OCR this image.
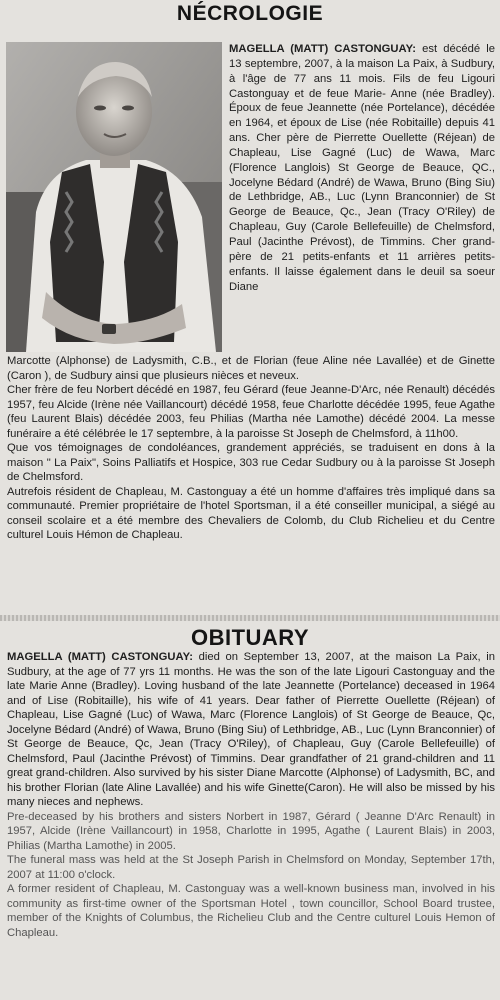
NÉCROLOGIE

MAGELLA (MATT) CASTONGUAY: est décédé le 13 septembre, 2007, à la maison La Paix, à Sudbury, à l'âge de 77 ans 11 mois. Fils de feu Ligouri Castonguay et de feue Marie- Anne (née Bradley). Époux de feue Jeannette (née Portelance), décédée en 1964, et époux de Lise (née Robitaille) depuis 41 ans. Cher père de Pierrette Ouellette (Réjean) de Chapleau, Lise Gagné (Luc) de Wawa, Marc (Florence Langlois) St George de Beauce, QC., Jocelyne Bédard (André) de Wawa, Bruno (Bing Siu) de Lethbridge, AB., Luc (Lynn Branconnier) de St George de Beauce, Qc., Jean (Tracy O'Riley) de Chapleau, Guy (Carole Bellefeuille) de Chelmsford, Paul (Jacinthe Prévost), de Timmins. Cher grand-père de 21 petits-enfants et 11 arrières petits-enfants. Il laisse également dans le deuil sa soeur Diane

Marcotte (Alphonse) de Ladysmith, C.B., et de Florian (feue Aline née Lavallée) et de Ginette (Caron ), de Sudbury ainsi que plusieurs nièces et neveux.

Cher frère de feu Norbert décédé en 1987, feu Gérard (feue Jeanne-D'Arc, née Renault) décédés 1957, feu Alcide (Irène née Vaillancourt) décédé 1958, feue Charlotte décédée 1995, feue Agathe (feu Laurent Blais) décédée 2003, feu Philias (Martha née Lamothe) décédé 2004. La messe funéraire a été célébrée le 17 septembre, à la paroisse St Joseph de Chelmsford, à 11h00.

Que vos témoignages de condoléances, grandement appréciés, se traduisent en dons à la maison " La Paix", Soins Palliatifs et Hospice, 303 rue Cedar Sudbury ou à la paroisse St Joseph de Chelmsford.

Autrefois résident de Chapleau, M. Castonguay a été un homme d'affaires très impliqué dans sa communauté. Premier propriétaire de l'hotel Sportsman, il a été conseiller municipal, a siégé au conseil scolaire et a été membre des Chevaliers de Colomb, du Club Richelieu et du Centre culturel Louis Hémon de Chapleau.

OBITUARY

MAGELLA (MATT) CASTONGUAY: died on September 13, 2007, at the maison La Paix, in Sudbury, at the age of 77 yrs 11 months. He was the son of the late Ligouri Castonguay and the late Marie Anne (Bradley). Loving husband of the late Jeannette (Portelance) deceased in 1964 and of Lise (Robitaille), his wife of 41 years. Dear father of Pierrette Ouellette (Réjean) of Chapleau, Lise Gagné (Luc) of Wawa, Marc (Florence Langlois) of St George de Beauce, Qc, Jocelyne Bédard (André) of Wawa, Bruno (Bing Siu) of Lethbridge, AB., Luc (Lynn Branconnier) of St George de Beauce, Qc, Jean (Tracy O'Riley), of Chapleau, Guy (Carole Bellefeuille) of Chelmsford, Paul (Jacinthe Prévost) of Timmins. Dear grandfather of 21 grand-children and 11 great grand-children. Also survived by his sister Diane Marcotte (Alphonse) of Ladysmith, BC, and his brother Florian (late Aline Lavallée) and his wife Ginette(Caron). He will also be missed by his many nieces and nephews.

Pre-deceased by his brothers and sisters Norbert in 1987, Gérard ( Jeanne D'Arc Renault) in 1957, Alcide (Irène Vaillancourt) in 1958, Charlotte in 1995, Agathe ( Laurent Blais) in 2003, Philias (Martha Lamothe) in 2005.

The funeral mass was held at the St Joseph Parish in Chelmsford on Monday, September 17th, 2007 at 11:00 o'clock.

A former resident of Chapleau, M. Castonguay was a well-known business man, involved in his community as first-time owner of the Sportsman Hotel , town councillor, School Board trustee, member of the Knights of Columbus, the Richelieu Club and the Centre culturel Louis Hemon of Chapleau.
